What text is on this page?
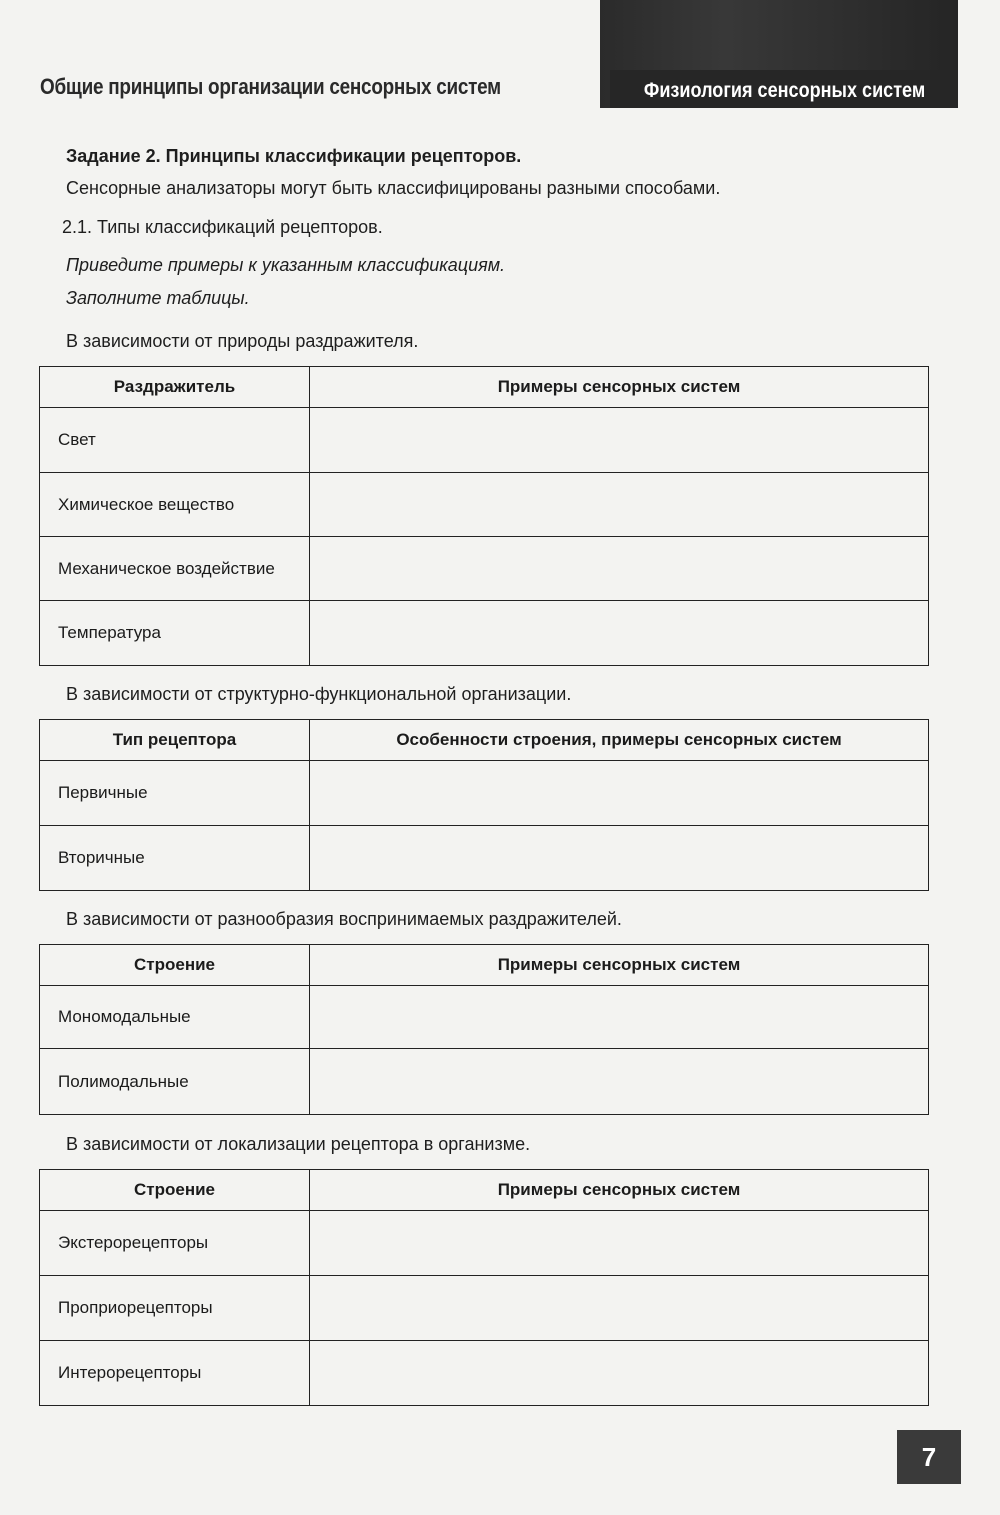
Общие принципы организации сенсорных систем	Физиология сенсорных систем
Задание 2. Принципы классификации рецепторов.
Сенсорные анализаторы могут быть классифицированы разными способами.
2.1. Типы классификаций рецепторов.
Приведите примеры к указанным классификациям.
Заполните таблицы.
В зависимости от природы раздражителя.
Раздражитель	Примеры сенсорных систем
Свет	
Химическое вещество	
Механическое воздействие	
Температура	
В зависимости от структурно-функциональной организации.
Тип рецептора	Особенности строения, примеры сенсорных систем
Первичные	
Вторичные	
В зависимости от разнообразия воспринимаемых раздражителей.
Строение	Примеры сенсорных систем
Мономодальные	
Полимодальные	
В зависимости от локализации рецептора в организме.
Строение	Примеры сенсорных систем
Экстерорецепторы	
Проприорецепторы	
Интерорецепторы	
7
